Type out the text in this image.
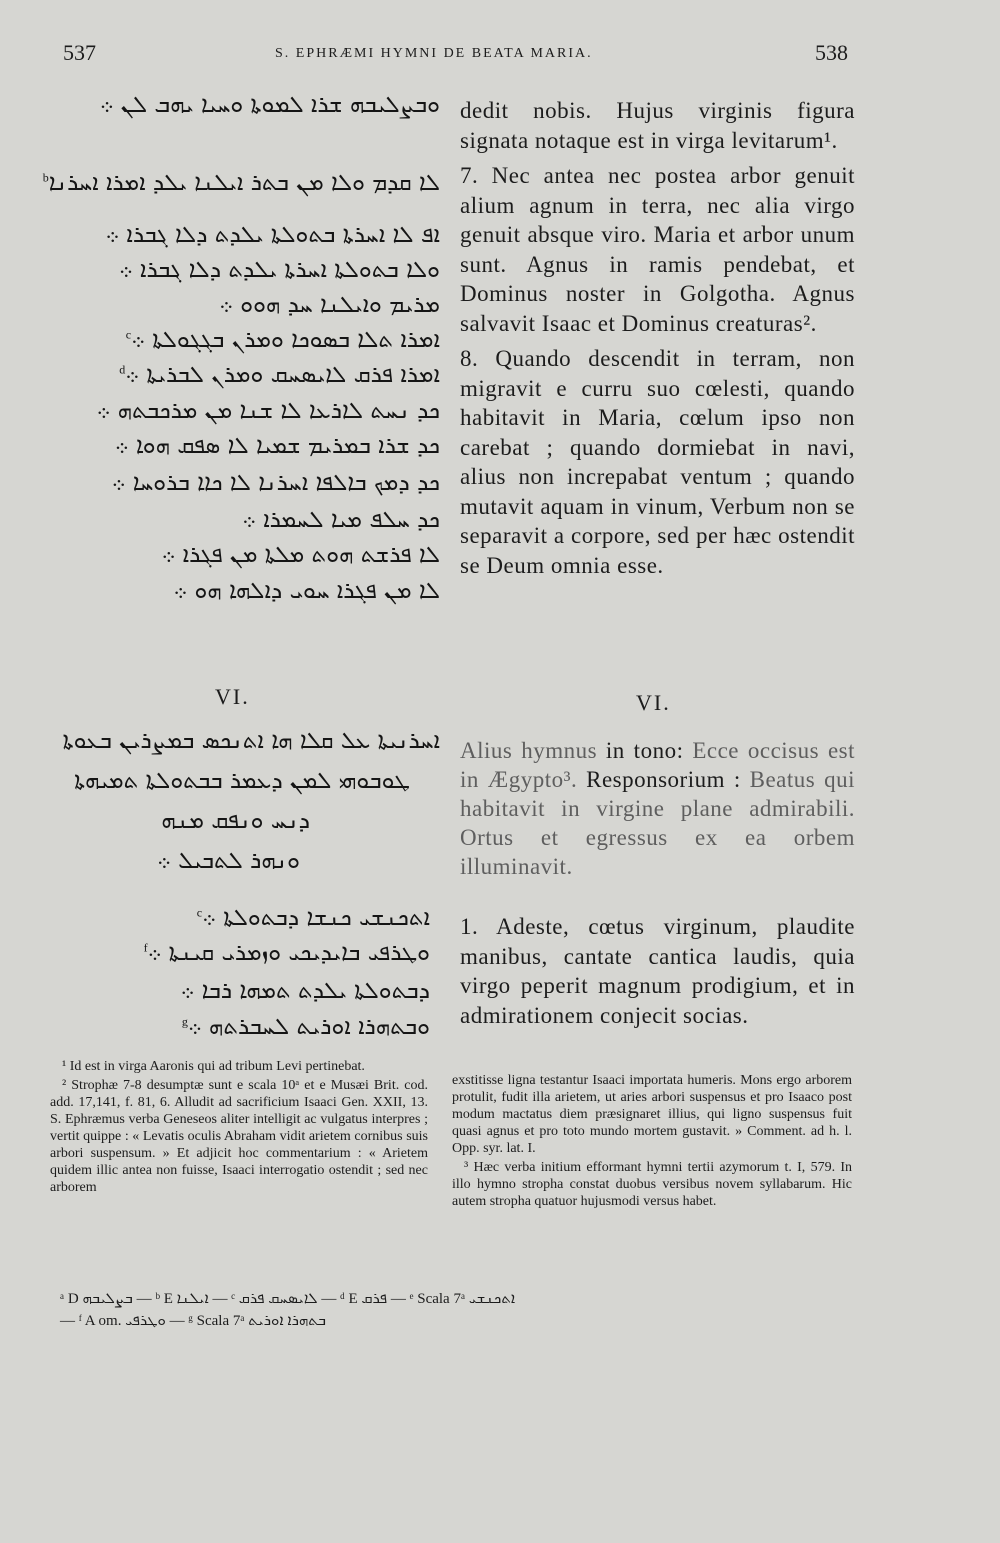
537	S. EPHRÆMI HYMNI DE BEATA MARIA.	538
ܘܒܨܠܝܒܗ ܫܪܐ ܠܡܘܬܐ ܘܚܝܐ ܝܗܒ ܠܢ ܀
ܠܐ ܩܕܡ ܘܠܐ ܡܢ ܒܬܪ ܐܝܠܢܐ ܝܠܕ ܐܡܪܐ ܐܚܪܢܐ$^b$
ܐܦ ܠܐ ܐܚܪܬܐ ܒܬܘܠܬܐ ܝܠܕܬ ܕܠܐ ܓܒܪܐ ܀
ܘܠܐ ܒܬܘܠܬܐ ܐܚܪܬܐ ܝܠܕܬ ܕܠܐ ܓܒܪܐ ܀
ܡܪܝܡ ܘܐܝܠܢܐ ܚܕ ܗܘܘ ܀
ܐܡܪܐ ܬܠܐ ܒܣܘܟܐ ܘܡܪܢ ܒܓܓܘܠܬܐ ܀$^c$
ܐܡܪܐ ܦܪܩ ܠܐܝܣܚܩ ܘܡܪܢ ܠܒܪܝܬܐ ܀$^d$
ܟܕ ܢܚܬ ܠܐܪܥܐ ܠܐ ܫܢܐ ܡܢ ܡܪܟܒܬܗ ܀
ܟܕ ܫܪܐ ܒܡܪܝܡ ܫܡܝܐ ܠܐ ܣܦܩ ܗܘܐ ܀
ܟܕ ܕܡܟ ܒܐܠܦܐ ܐܚܪܢܐ ܠܐ ܟܐܐ ܒܪܘܚܐ ܀
ܟܕ ܚܠܦ ܡܝܐ ܠܚܡܪܐ ܀
ܠܐ ܦܪܫܬ ܗܘܬ ܡܠܬܐ ܡܢ ܦܓܪܐ ܀
ܠܐ ܡܢ ܦܓܪܐ ܚܘܝ ܕܐܠܗܐ ܗܘ ܀
VI.
ܐܚܪܢܝܬܐ ܥܠ ܩܠܐ ܗܐ ܐܬܢܟܣ ܒܡܨܪܝܢ ܒܥܘܬܐ
ܛܘܒܘܗܝ ܠܡܢ ܕܥܡܪ ܒܒܬܘܠܬܐ ܬܡܝܗܬܐ
ܕܢܚ ܘܢܦܩ ܡܢܗ
ܘܢܗܪ ܠܬܒܝܠ ܀
ܐܬܟܢܫܝ ܟܢܫܐ ܕܒܬܘܠܬܐ ܀$^c$
ܘܛܪܦܝ ܒܐܝܕܝܟܝ ܘܙܡܪܝ ܩܝܢܬܐ ܀$^f$
ܕܒܬܘܠܬܐ ܝܠܕܬ ܬܡܗܐ ܪܒܐ ܀
ܘܒܬܗܪܐ ܐܘܪܝܬ ܠܚܒܪܬܗ ܀$^g$

dedit nobis. Hujus virginis figura signata notaque est in virga levitarum¹.

7. Nec antea nec postea arbor genuit alium agnum in terra, nec alia virgo genuit absque viro. Maria et arbor unum sunt. Agnus in ramis pendebat, et Dominus noster in Golgotha. Agnus salvavit Isaac et Dominus creaturas².

8. Quando descendit in terram, non migravit e curru suo cœlesti, quando habitavit in Maria, cœlum ipso non carebat ; quando dormiebat in navi, alius non increpabat ventum ; quando mutavit aquam in vinum, Verbum non se separavit a corpore, sed per hæc ostendit se Deum omnia esse.

VI.
Alius hymnus in tono: Ecce occisus est in Ægypto³. Responsorium : Beatus qui habitavit in virgine plane admirabili. Ortus et egressus ex ea orbem illuminavit.
1. Adeste, cœtus virginum, plaudite manibus, cantate cantica laudis, quia virgo peperit magnum prodigium, et in admirationem conjecit socias.

¹ Id est in virga Aaronis qui ad tribum Levi pertinebat.

² Strophæ 7-8 desumptæ sunt e scala 10ᵃ et e Musæi Brit. cod. add. 17,141, f. 81, 6. Alludit ad sacrificium Isaaci Gen. XXII, 13. S. Ephræmus verba Geneseos aliter intelligit ac vulgatus interpres ; vertit quippe : « Levatis oculis Abraham vidit arietem cornibus suis arbori suspensum. » Et adjicit hoc commentarium : « Arietem quidem illic antea non fuisse, Isaaci interrogatio ostendit ; sed nec arborem

exstitisse ligna testantur Isaaci importata humeris. Mons ergo arborem protulit, fudit illa arietem, ut aries arbori suspensus et pro Isaaco post modum mactatus diem præsignaret illius, qui ligno suspensus fuit quasi agnus et pro toto mundo mortem gustavit. » Comment. ad h. l. Opp. syr. lat. I.

³ Hæc verba initium efformant hymni tertii azymorum t. I, 579. In illo hymno stropha constat duobus versibus novem syllabarum. Hic autem stropha quatuor hujusmodi versus habet.

ᵃ D ܒܨܠܝܒܗ — ᵇ E ܐܝܠܢܐ — ᶜ ܠܐܝܣܚܩ ܦܪܩ — ᵈ E ܦܪܩ — ᵉ Scala 7ᵃ ܐܬܟܢܫܝ
— ᶠ A om. ܘܛܪܦܝ — ᵍ Scala 7ᵃ ܒܬܗܪܐ ܐܘܪܝܬ
